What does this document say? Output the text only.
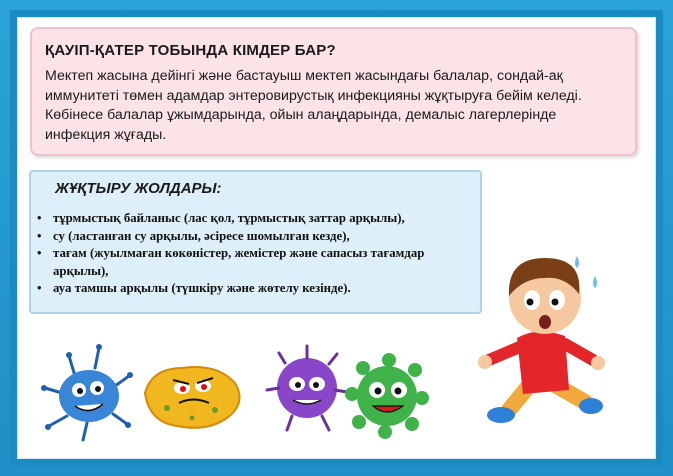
ҚАУІП-ҚАТЕР ТОБЫНДА КІМДЕР БАР?
Мектеп жасына дейінгі және бастауыш мектеп жасындағы балалар, сондай-ақ иммунитеті төмен адамдар энтеровирустық инфекцияны жұқтыруға бейім келеді. Көбінесе балалар ұжымдарында, ойын алаңдарында, демалыс лагерлерінде инфекция жұғады.
ЖҰҚТЫРУ ЖОЛДАРЫ:
• тұрмыстық байланыс (лас қол, тұрмыстық заттар арқылы),
• су (ластанған су арқылы, әсіресе шомылған кезде),
• тағам (жуылмаған көкөністер, жемістер және сапасыз тағамдар арқылы),
• ауа тамшы арқылы (түшкіру және жөтелу кезінде).
